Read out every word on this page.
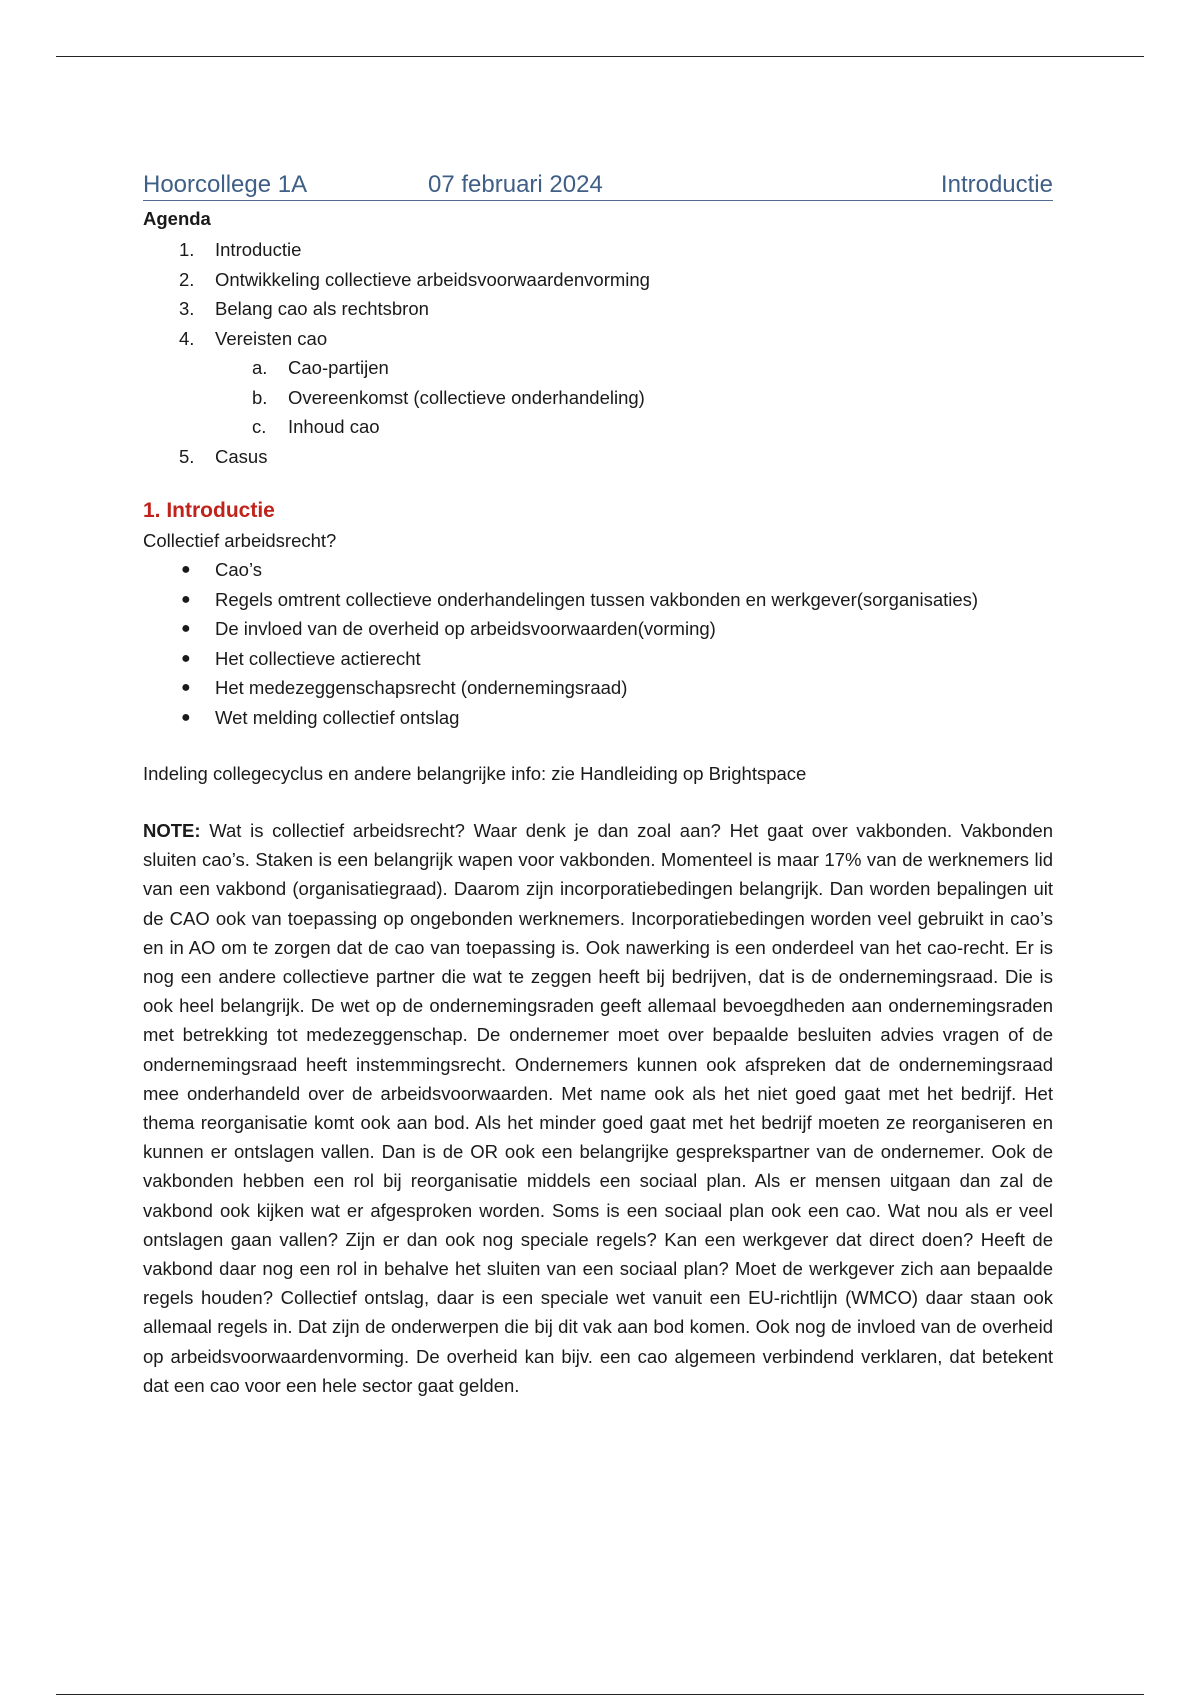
Hoorcollege 1A	07 februari 2024	Introductie
Agenda
1. Introductie
2. Ontwikkeling collectieve arbeidsvoorwaardenvorming
3. Belang cao als rechtsbron
4. Vereisten cao
a. Cao-partijen
b. Overeenkomst (collectieve onderhandeling)
c. Inhoud cao
5. Casus
1. Introductie
Collectief arbeidsrecht?
● Cao’s
● Regels omtrent collectieve onderhandelingen tussen vakbonden en werkgever(sorganisaties)
● De invloed van de overheid op arbeidsvoorwaarden(vorming)
● Het collectieve actierecht
● Het medezeggenschapsrecht (ondernemingsraad)
● Wet melding collectief ontslag
Indeling collegecyclus en andere belangrijke info: zie Handleiding op Brightspace

NOTE: Wat is collectief arbeidsrecht? Waar denk je dan zoal aan? Het gaat over vakbonden. Vakbonden sluiten cao’s. Staken is een belangrijk wapen voor vakbonden. Momenteel is maar 17% van de werknemers lid van een vakbond (organisatiegraad). Daarom zijn incorporatiebedingen belangrijk. Dan worden bepalingen uit de CAO ook van toepassing op ongebonden werknemers. Incorporatiebedingen worden veel gebruikt in cao’s en in AO om te zorgen dat de cao van toepassing is. Ook nawerking is een onderdeel van het cao-recht. Er is nog een andere collectieve partner die wat te zeggen heeft bij bedrijven, dat is de ondernemingsraad. Die is ook heel belangrijk. De wet op de ondernemingsraden geeft allemaal bevoegdheden aan ondernemingsraden met betrekking tot medezeggenschap. De ondernemer moet over bepaalde besluiten advies vragen of de ondernemingsraad heeft instemmingsrecht. Ondernemers kunnen ook afspreken dat de ondernemingsraad mee onderhandeld over de arbeidsvoorwaarden. Met name ook als het niet goed gaat met het bedrijf. Het thema reorganisatie komt ook aan bod. Als het minder goed gaat met het bedrijf moeten ze reorganiseren en kunnen er ontslagen vallen. Dan is de OR ook een belangrijke gesprekspartner van de ondernemer. Ook de vakbonden hebben een rol bij reorganisatie middels een sociaal plan. Als er mensen uitgaan dan zal de vakbond ook kijken wat er afgesproken worden. Soms is een sociaal plan ook een cao. Wat nou als er veel ontslagen gaan vallen? Zijn er dan ook nog speciale regels? Kan een werkgever dat direct doen? Heeft de vakbond daar nog een rol in behalve het sluiten van een sociaal plan? Moet de werkgever zich aan bepaalde regels houden? Collectief ontslag, daar is een speciale wet vanuit een EU-richtlijn (WMCO) daar staan ook allemaal regels in. Dat zijn de onderwerpen die bij dit vak aan bod komen. Ook nog de invloed van de overheid op arbeidsvoorwaardenvorming. De overheid kan bijv. een cao algemeen verbindend verklaren, dat betekent dat een cao voor een hele sector gaat gelden.
